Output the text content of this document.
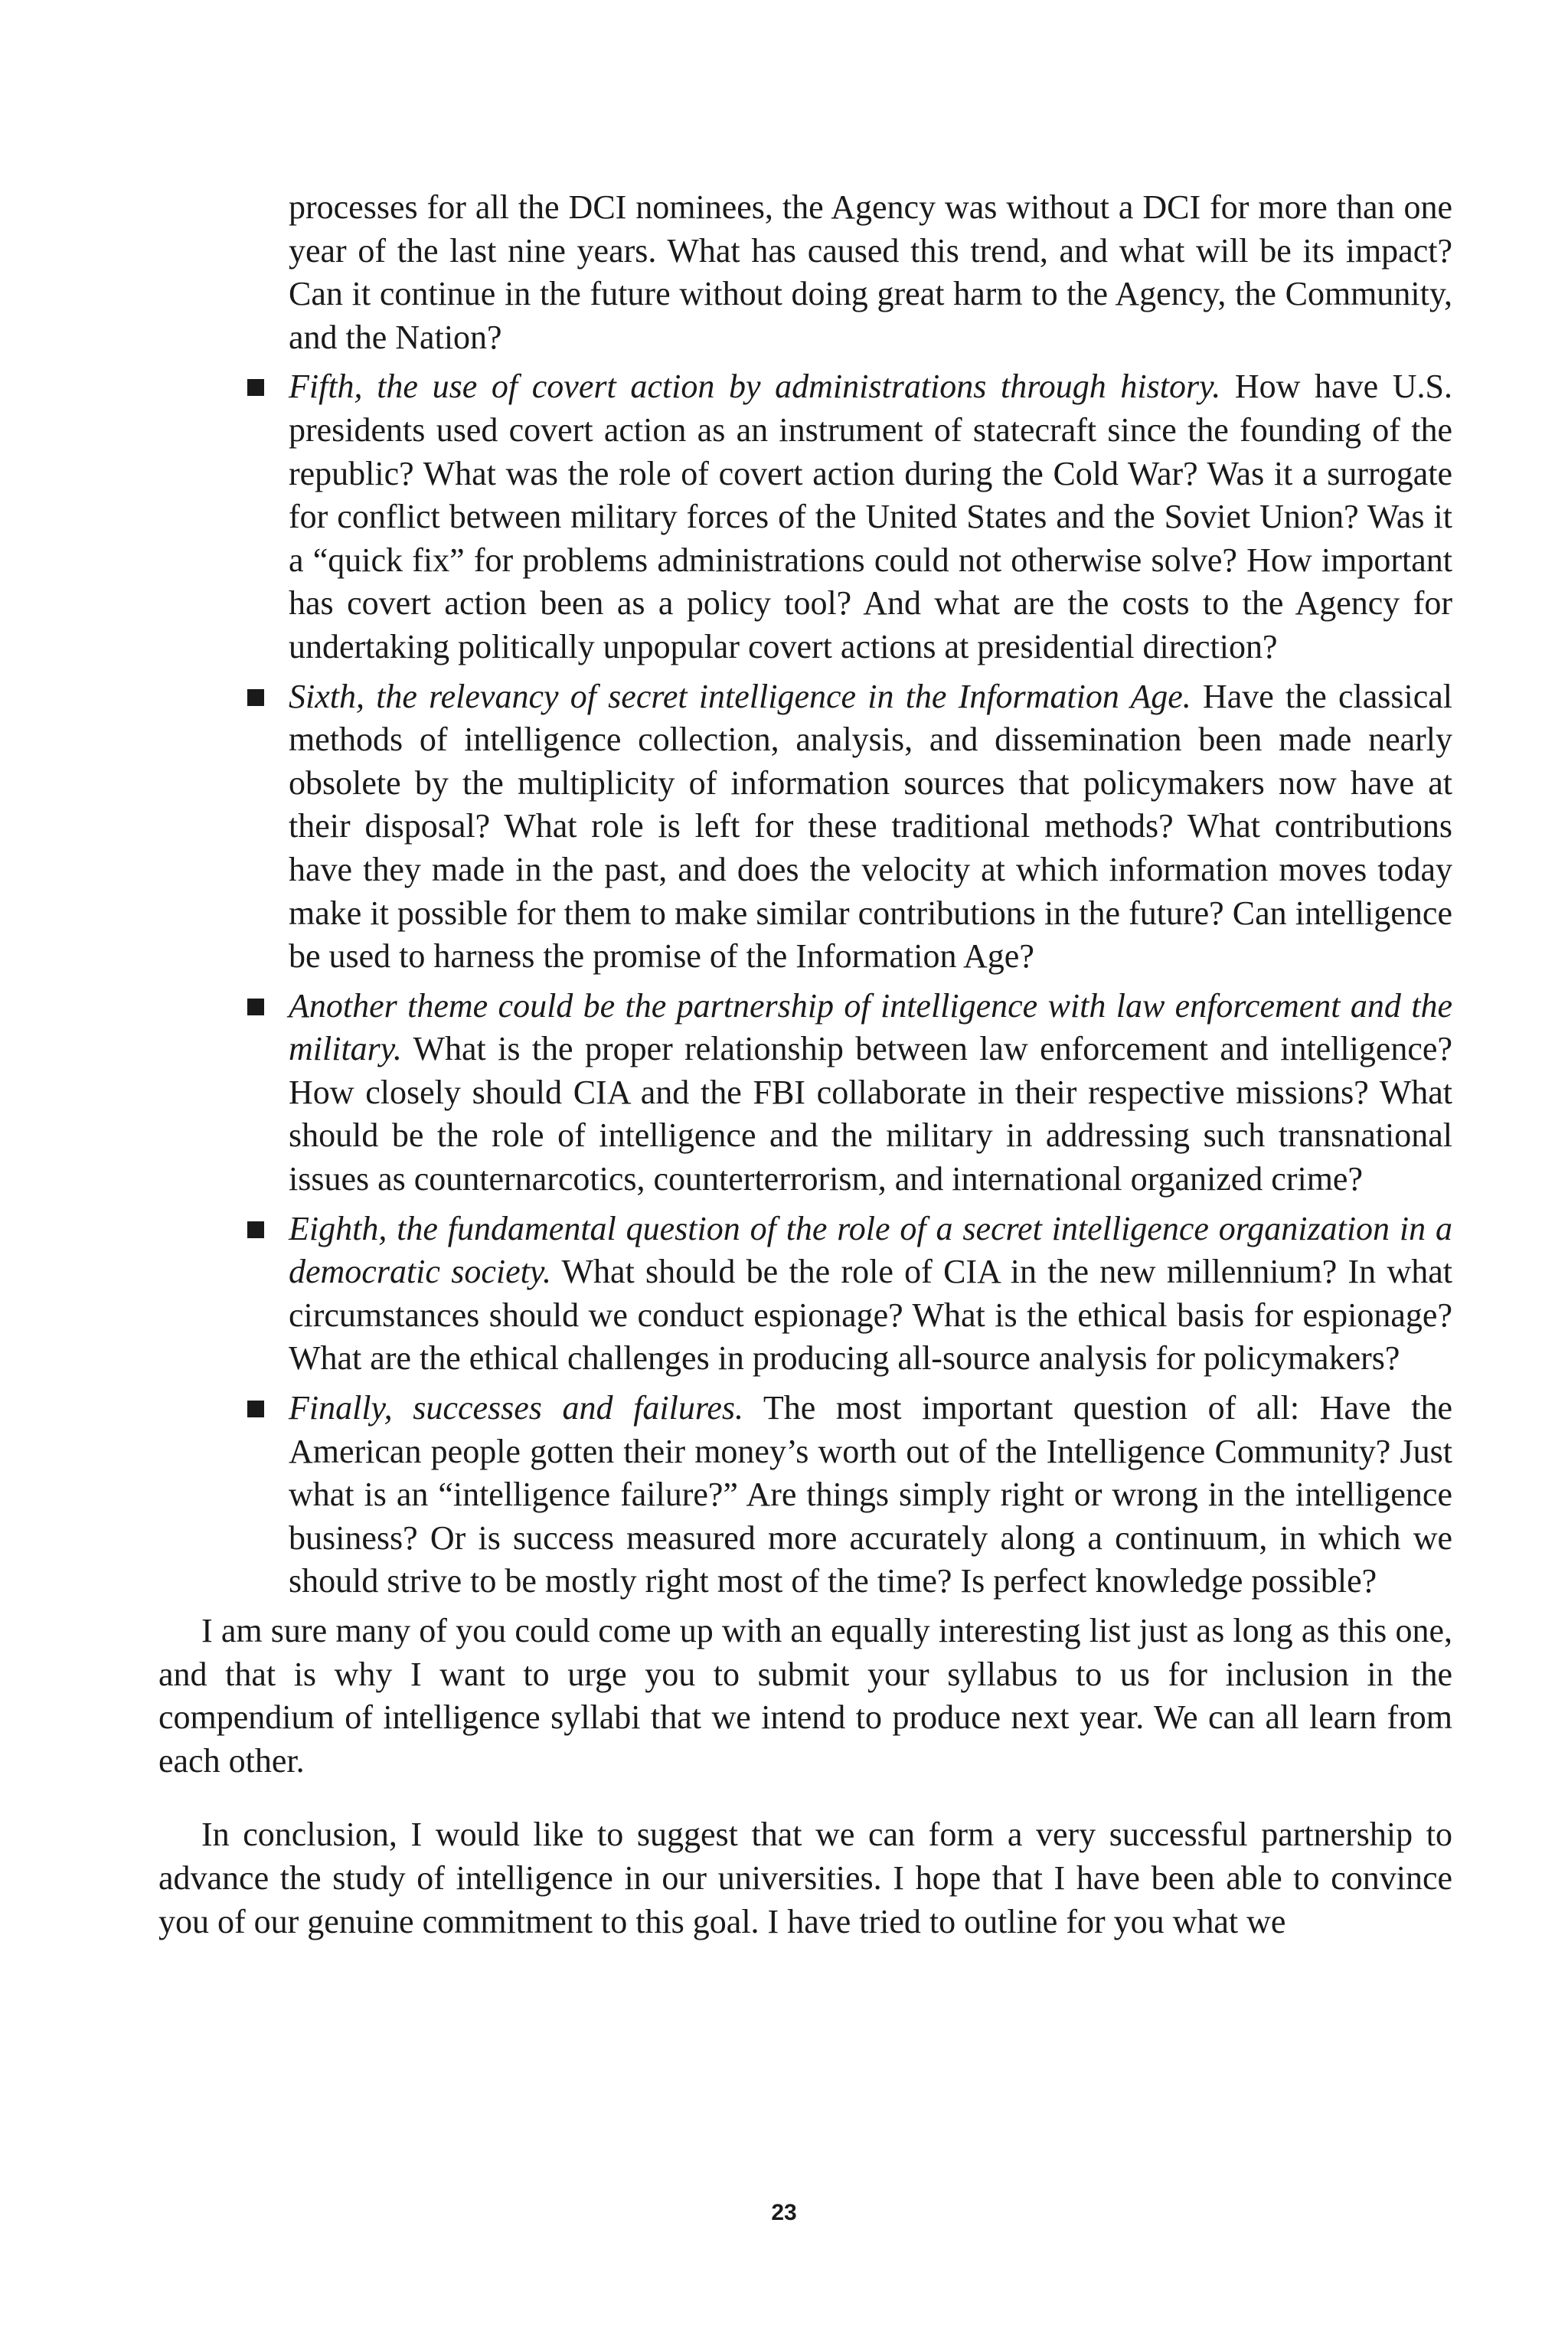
processes for all the DCI nominees, the Agency was without a DCI for more than one year of the last nine years. What has caused this trend, and what will be its impact? Can it continue in the future without doing great harm to the Agency, the Community, and the Nation?

Fifth, the use of covert action by administrations through history. How have U.S. presidents used covert action as an instrument of statecraft since the founding of the republic? What was the role of covert action during the Cold War? Was it a surrogate for conflict between military forces of the United States and the Soviet Union? Was it a “quick fix” for problems administrations could not otherwise solve? How important has covert action been as a policy tool? And what are the costs to the Agency for undertaking politically unpopular covert actions at presidential direction?

Sixth, the relevancy of secret intelligence in the Information Age. Have the classical methods of intelligence collection, analysis, and dissemination been made nearly obsolete by the multiplicity of information sources that policymakers now have at their disposal? What role is left for these traditional methods? What contributions have they made in the past, and does the velocity at which information moves today make it possible for them to make similar contributions in the future? Can intelligence be used to harness the promise of the Information Age?

Another theme could be the partnership of intelligence with law enforcement and the military. What is the proper relationship between law enforcement and intelligence? How closely should CIA and the FBI collaborate in their respective missions? What should be the role of intelligence and the military in addressing such transnational issues as counternarcotics, counterterrorism, and international organized crime?

Eighth, the fundamental question of the role of a secret intelligence organization in a democratic society. What should be the role of CIA in the new millennium? In what circumstances should we conduct espionage? What is the ethical basis for espionage? What are the ethical challenges in producing all-source analysis for policymakers?

Finally, successes and failures. The most important question of all: Have the American people gotten their money’s worth out of the Intelligence Community? Just what is an “intelligence failure?” Are things simply right or wrong in the intelligence business? Or is success measured more accurately along a continuum, in which we should strive to be mostly right most of the time? Is perfect knowledge possible?

I am sure many of you could come up with an equally interesting list just as long as this one, and that is why I want to urge you to submit your syllabus to us for inclusion in the compendium of intelligence syllabi that we intend to produce next year. We can all learn from each other.

In conclusion, I would like to suggest that we can form a very successful partnership to advance the study of intelligence in our universities. I hope that I have been able to convince you of our genuine commitment to this goal. I have tried to outline for you what we

23
